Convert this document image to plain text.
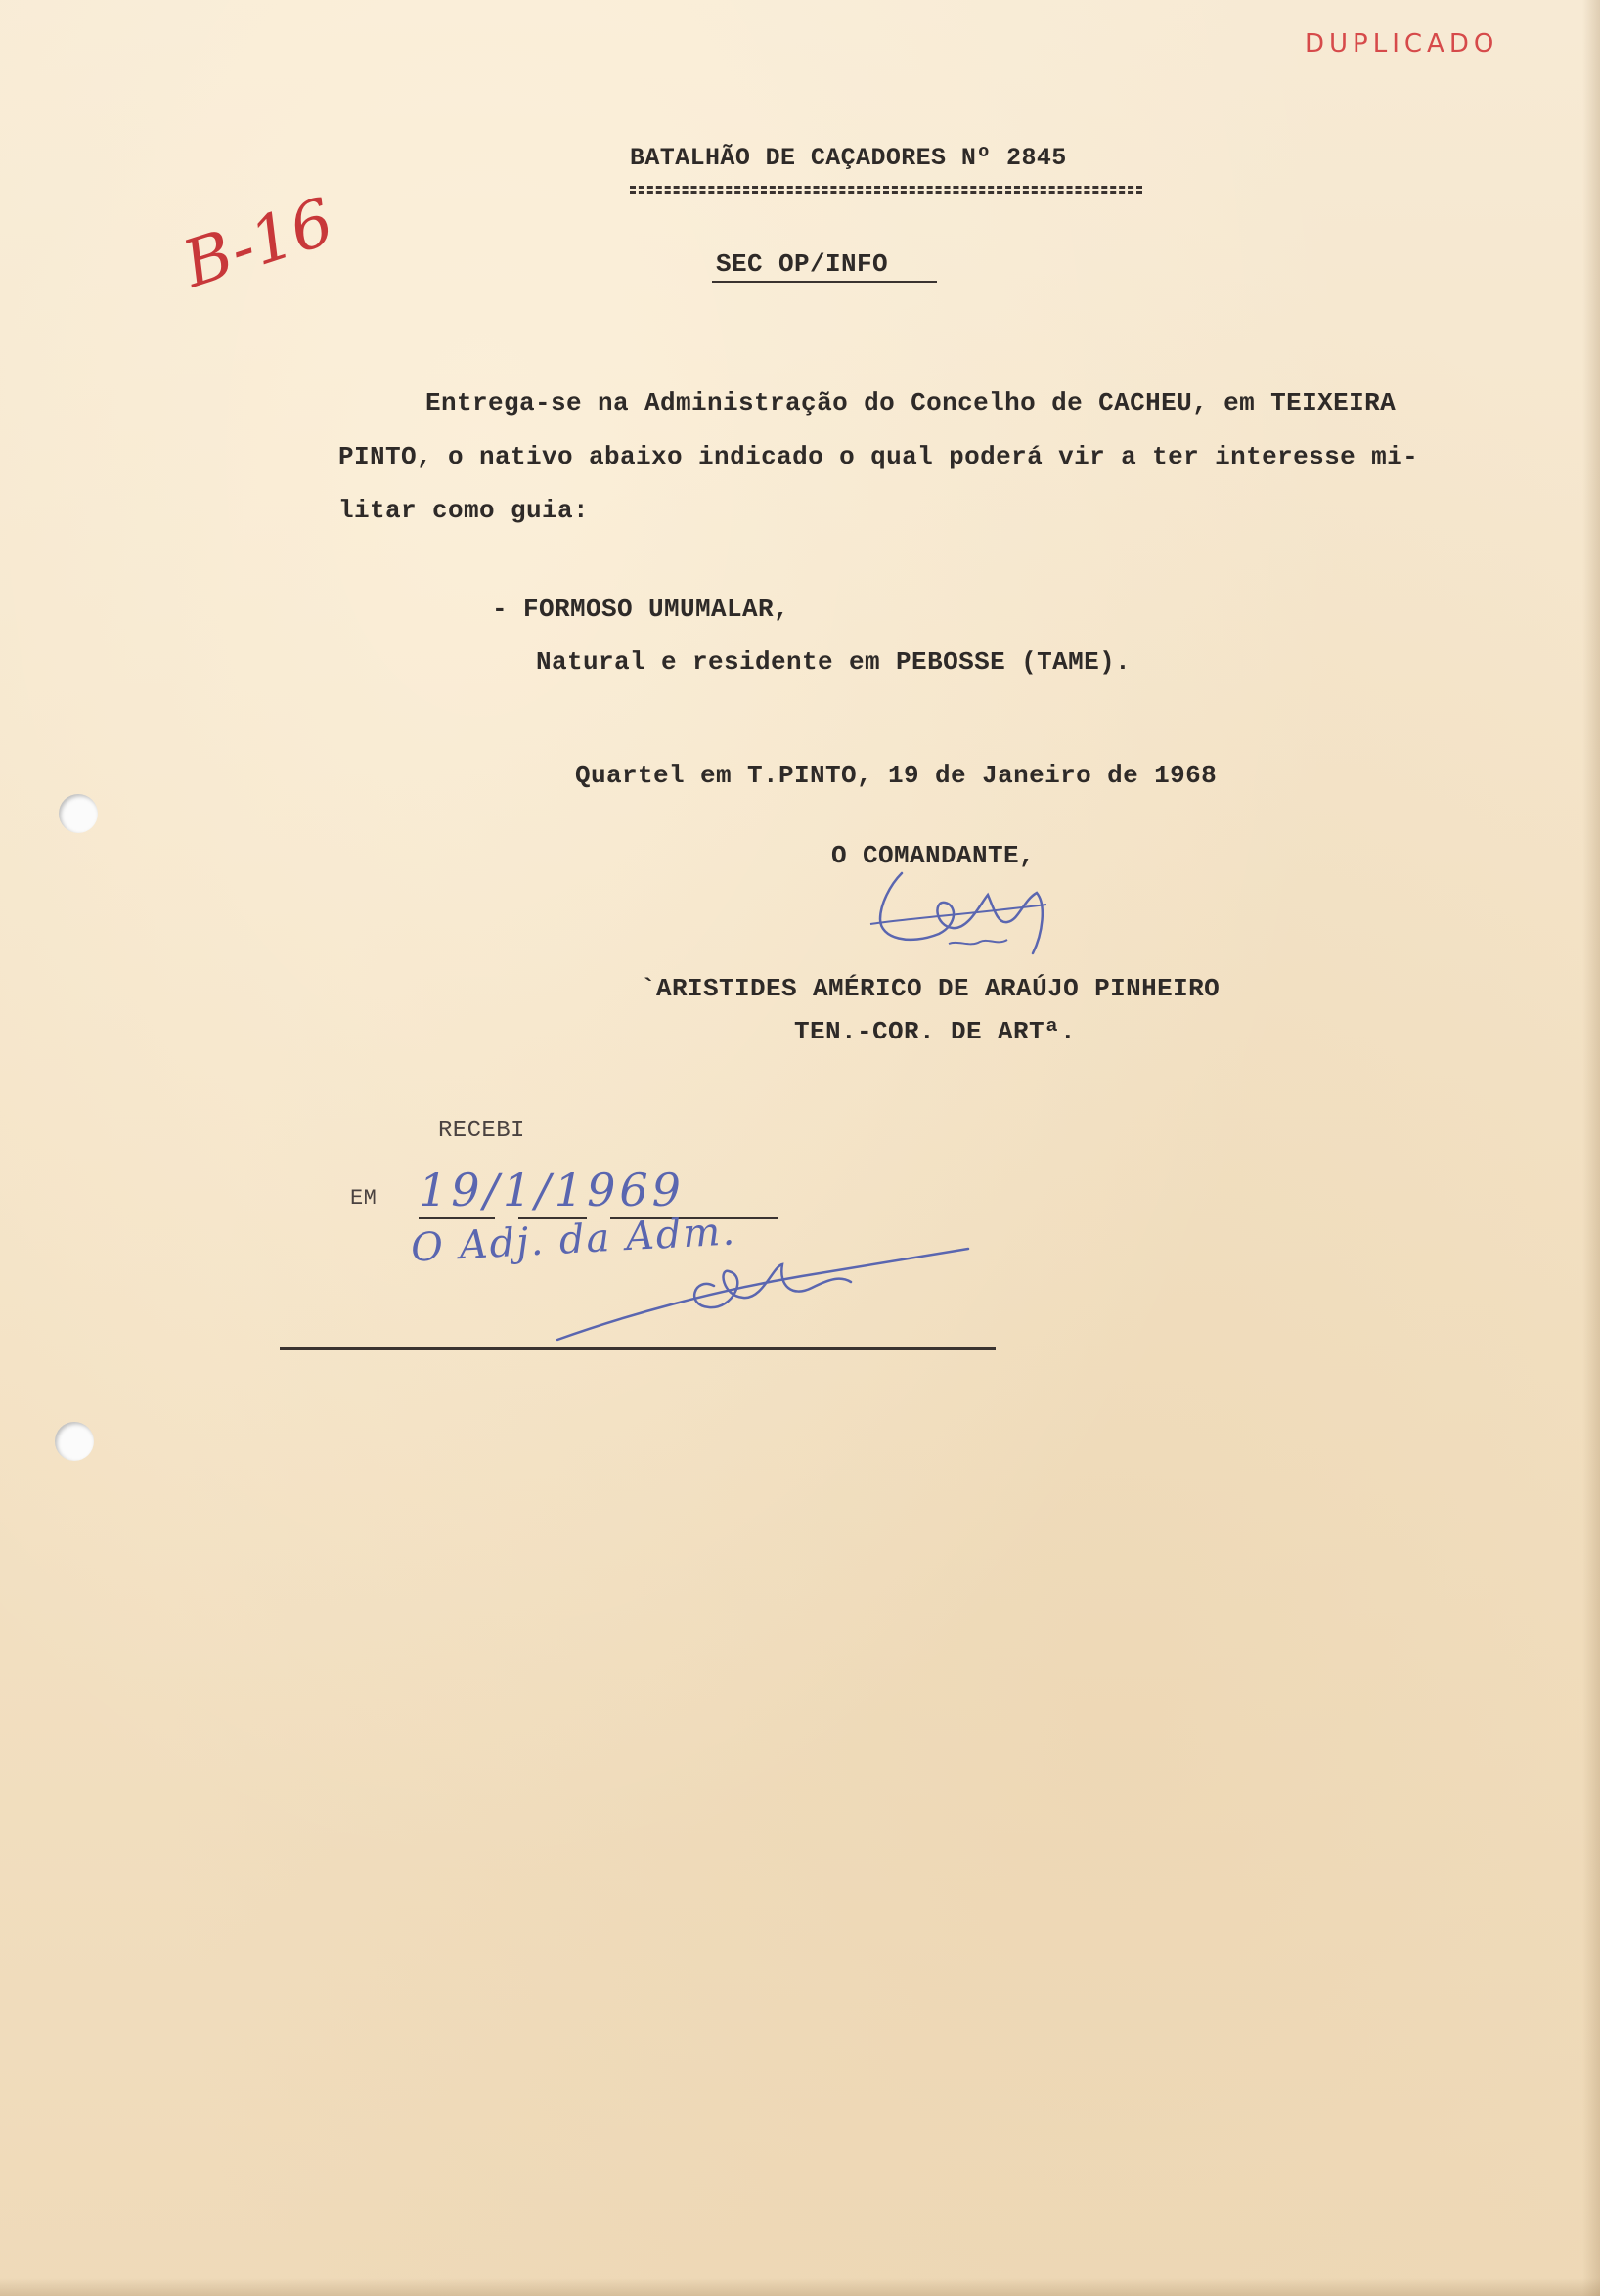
DUPLICADO
B-16
BATALHÃO DE CAÇADORES Nº 2845
SEC OP/INFO
Entrega-se na Administração do Concelho de CACHEU, em TEIXEIRA
PINTO, o nativo abaixo indicado o qual poderá vir a ter interesse mi-
litar como guia:
- FORMOSO UMUMALAR,
Natural e residente em PEBOSSE (TAME).
Quartel em T.PINTO, 19 de Janeiro de 1968
O COMANDANTE,
`ARISTIDES AMÉRICO DE ARAÚJO PINHEIRO
TEN.-COR. DE ARTª.
RECEBI
EM 19/1/1969
O Adj. da Adm.
